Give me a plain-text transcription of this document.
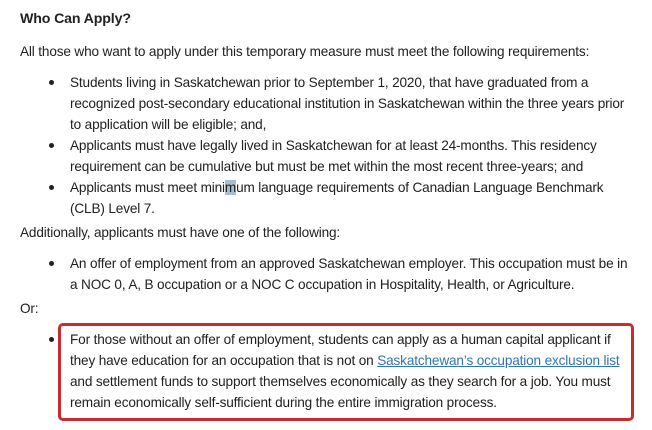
Who Can Apply?

All those who want to apply under this temporary measure must meet the following requirements:

Students living in Saskatchewan prior to September 1, 2020, that have graduated from a recognized post-secondary educational institution in Saskatchewan within the three years prior to application will be eligible; and,
Applicants must have legally lived in Saskatchewan for at least 24-months. This residency requirement can be cumulative but must be met within the most recent three-years; and
Applicants must meet minimum language requirements of Canadian Language Benchmark (CLB) Level 7.

Additionally, applicants must have one of the following:

An offer of employment from an approved Saskatchewan employer. This occupation must be in a NOC 0, A, B occupation or a NOC C occupation in Hospitality, Health, or Agriculture.

Or:

For those without an offer of employment, students can apply as a human capital applicant if they have education for an occupation that is not on Saskatchewan’s occupation exclusion list and settlement funds to support themselves economically as they search for a job. You must remain economically self-sufficient during the entire immigration process.
